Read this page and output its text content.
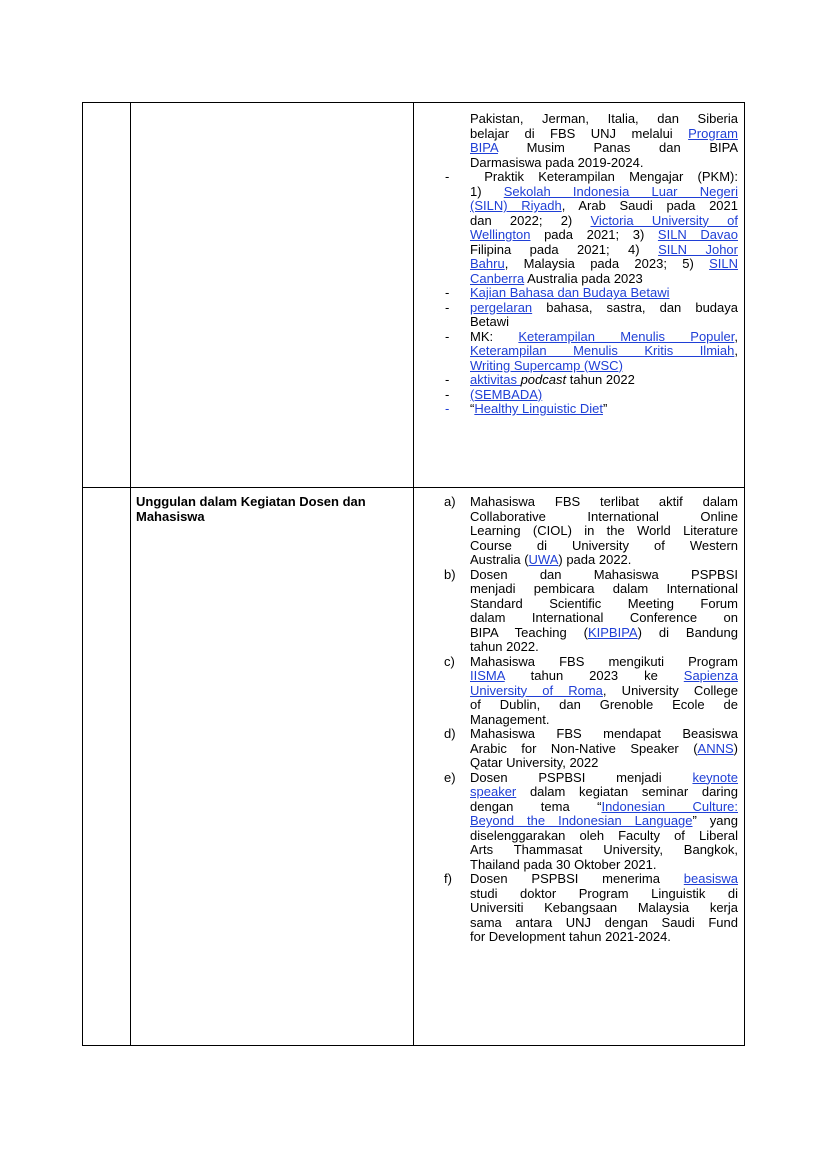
Pakistan, Jerman, Italia, dan Siberia
belajar di FBS UNJ melalui Program
BIPA Musim Panas dan BIPA
Darmasiswa pada 2019-2024.
- Praktik Keterampilan Mengajar (PKM):
1) Sekolah Indonesia Luar Negeri
(SILN) Riyadh, Arab Saudi pada 2021
dan 2022; 2) Victoria University of
Wellington pada 2021; 3) SILN Davao
Filipina pada 2021; 4) SILN Johor
Bahru, Malaysia pada 2023; 5) SILN
Canberra Australia pada 2023
- Kajian Bahasa dan Budaya Betawi
- pergelaran bahasa, sastra, dan budaya
Betawi
- MK: Keterampilan Menulis Populer,
Keterampilan Menulis Kritis Ilmiah,
Writing Supercamp (WSC)
- aktivitas podcast tahun 2022
- (SEMBADA)
- “Healthy Linguistic Diet”
Unggulan dalam Kegiatan Dosen dan Mahasiswa
a) Mahasiswa FBS terlibat aktif dalam
Collaborative International Online
Learning (CIOL) in the World Literature
Course di University of Western
Australia (UWA) pada 2022.
b) Dosen dan Mahasiswa PSPBSI
menjadi pembicara dalam International
Standard Scientific Meeting Forum
dalam International Conference on
BIPA Teaching (KIPBIPA) di Bandung
tahun 2022.
c) Mahasiswa FBS mengikuti Program
IISMA tahun 2023 ke Sapienza
University of Roma, University College
of Dublin, dan Grenoble Ecole de
Management.
d) Mahasiswa FBS mendapat Beasiswa
Arabic for Non-Native Speaker (ANNS)
Qatar University, 2022
e) Dosen PSPBSI menjadi keynote
speaker dalam kegiatan seminar daring
dengan tema “Indonesian Culture:
Beyond the Indonesian Language” yang
diselenggarakan oleh Faculty of Liberal
Arts Thammasat University, Bangkok,
Thailand pada 30 Oktober 2021.
f) Dosen PSPBSI menerima beasiswa
studi doktor Program Linguistik di
Universiti Kebangsaan Malaysia kerja
sama antara UNJ dengan Saudi Fund
for Development tahun 2021-2024.
